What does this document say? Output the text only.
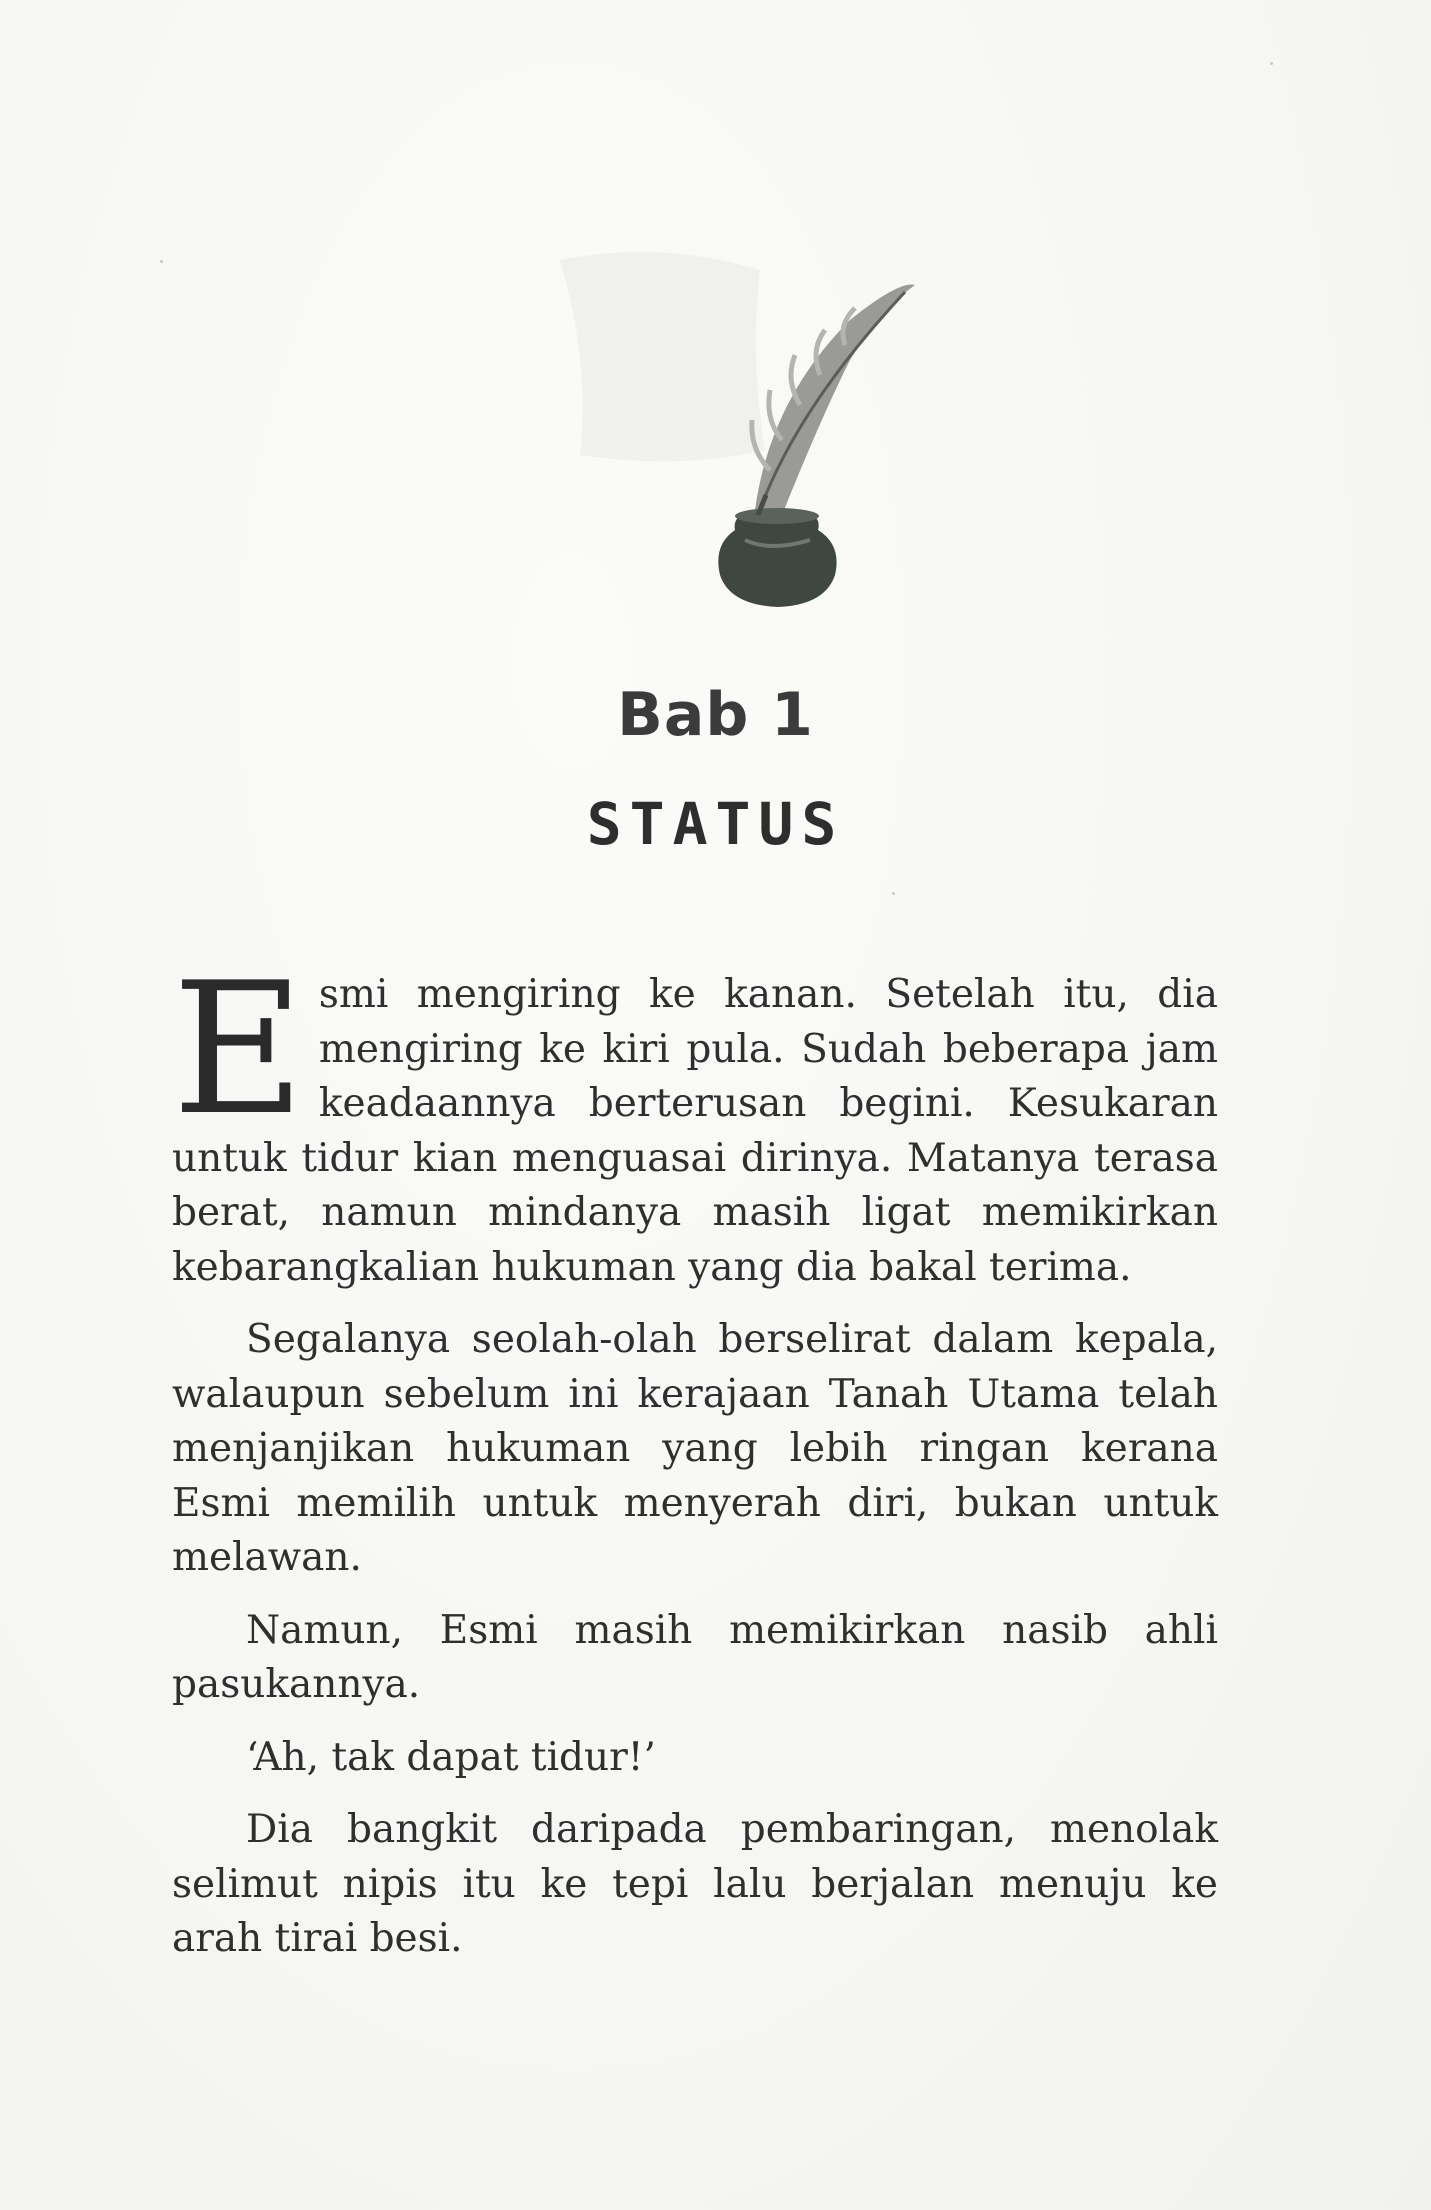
Bab 1
STATUS

Esmi mengiring ke kanan. Setelah itu, dia mengiring ke kiri pula. Sudah beberapa jam keadaannya berterusan begini. Kesukaran untuk tidur kian menguasai dirinya. Matanya terasa berat, namun mindanya masih ligat memikirkan kebarangkalian hukuman yang dia bakal terima.

Segalanya seolah-olah berselirat dalam kepala, walaupun sebelum ini kerajaan Tanah Utama telah menjanjikan hukuman yang lebih ringan kerana Esmi memilih untuk menyerah diri, bukan untuk melawan.

Namun, Esmi masih memikirkan nasib ahli pasukannya.

‘Ah, tak dapat tidur!’

Dia bangkit daripada pembaringan, menolak selimut nipis itu ke tepi lalu berjalan menuju ke arah tirai besi.
